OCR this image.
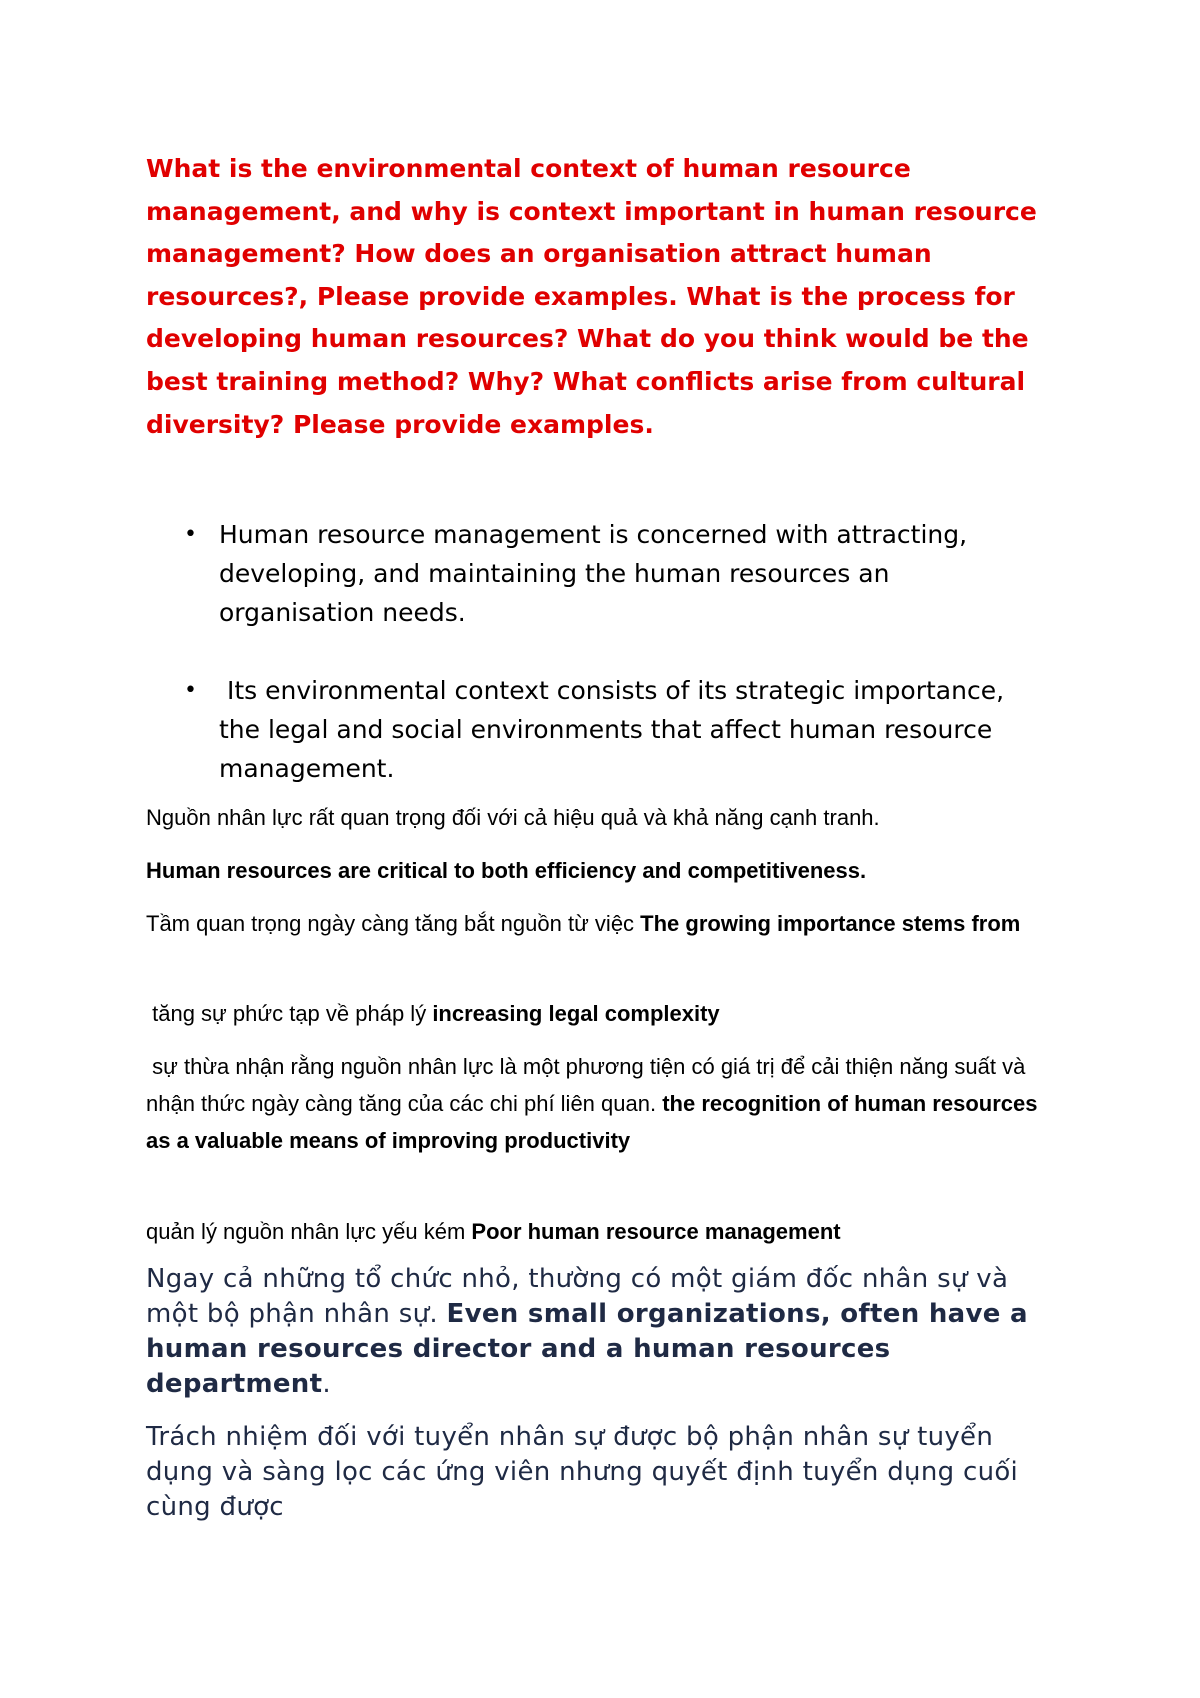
What is the environmental context of human resource management, and why is context important in human resource management? How does an organisation attract human resources?, Please provide examples. What is the process for developing human resources? What do you think would be the best training method? Why? What conflicts arise from cultural diversity? Please provide examples.

• Human resource management is concerned with attracting, developing, and maintaining the human resources an organisation needs.
• Its environmental context consists of its strategic importance, the legal and social environments that affect human resource management.

Nguồn nhân lực rất quan trọng đối với cả hiệu quả và khả năng cạnh tranh.

Human resources are critical to both efficiency and competitiveness.

Tầm quan trọng ngày càng tăng bắt nguồn từ việc The growing importance stems from

tăng sự phức tạp về pháp lý increasing legal complexity

sự thừa nhận rằng nguồn nhân lực là một phương tiện có giá trị để cải thiện năng suất và nhận thức ngày càng tăng của các chi phí liên quan. the recognition of human resources as a valuable means of improving productivity

quản lý nguồn nhân lực yếu kém Poor human resource management

Ngay cả những tổ chức nhỏ, thường có một giám đốc nhân sự và một bộ phận nhân sự. Even small organizations, often have a human resources director and a human resources department.

Trách nhiệm đối với tuyển nhân sự được bộ phận nhân sự tuyển dụng và sàng lọc các ứng viên nhưng quyết định tuyển dụng cuối cùng được
